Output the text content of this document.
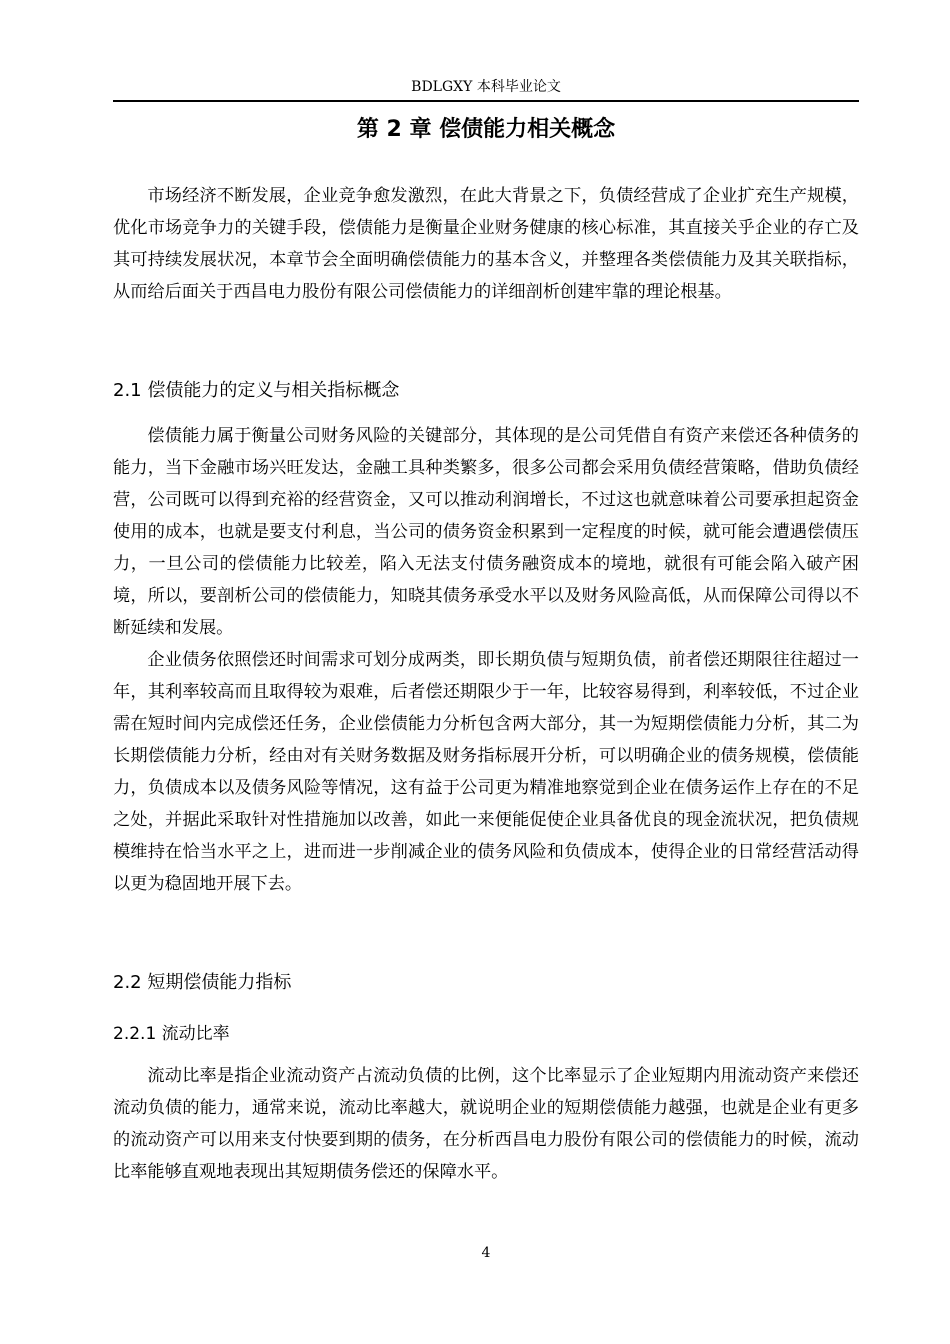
BDLGXY 本科毕业论文
第 2 章 偿债能力相关概念

市场经济不断发展，企业竞争愈发激烈，在此大背景之下，负债经营成了企业扩充生产规模，优化市场竞争力的关键手段，偿债能力是衡量企业财务健康的核心标准，其直接关乎企业的存亡及其可持续发展状况，本章节会全面明确偿债能力的基本含义，并整理各类偿债能力及其关联指标，从而给后面关于西昌电力股份有限公司偿债能力的详细剖析创建牢靠的理论根基。

2.1 偿债能力的定义与相关指标概念

偿债能力属于衡量公司财务风险的关键部分，其体现的是公司凭借自有资产来偿还各种债务的能力，当下金融市场兴旺发达，金融工具种类繁多，很多公司都会采用负债经营策略，借助负债经营，公司既可以得到充裕的经营资金，又可以推动利润增长，不过这也就意味着公司要承担起资金使用的成本，也就是要支付利息，当公司的债务资金积累到一定程度的时候，就可能会遭遇偿债压力，一旦公司的偿债能力比较差，陷入无法支付债务融资成本的境地，就很有可能会陷入破产困境，所以，要剖析公司的偿债能力，知晓其债务承受水平以及财务风险高低，从而保障公司得以不断延续和发展。

企业债务依照偿还时间需求可划分成两类，即长期负债与短期负债，前者偿还期限往往超过一年，其利率较高而且取得较为艰难，后者偿还期限少于一年，比较容易得到，利率较低，不过企业需在短时间内完成偿还任务，企业偿债能力分析包含两大部分，其一为短期偿债能力分析，其二为长期偿债能力分析，经由对有关财务数据及财务指标展开分析，可以明确企业的债务规模，偿债能力，负债成本以及债务风险等情况，这有益于公司更为精准地察觉到企业在债务运作上存在的不足之处，并据此采取针对性措施加以改善，如此一来便能促使企业具备优良的现金流状况，把负债规模维持在恰当水平之上，进而进一步削减企业的债务风险和负债成本，使得企业的日常经营活动得以更为稳固地开展下去。

2.2 短期偿债能力指标
2.2.1 流动比率

流动比率是指企业流动资产占流动负债的比例，这个比率显示了企业短期内用流动资产来偿还流动负债的能力，通常来说，流动比率越大，就说明企业的短期偿债能力越强，也就是企业有更多的流动资产可以用来支付快要到期的债务，在分析西昌电力股份有限公司的偿债能力的时候，流动比率能够直观地表现出其短期债务偿还的保障水平。

4
